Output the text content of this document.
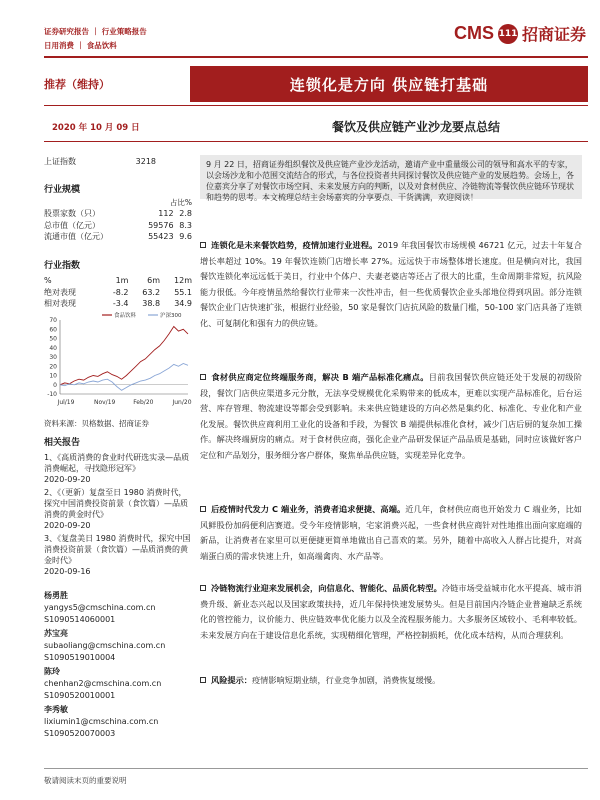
证券研究报告 ｜ 行业策略报告
日用消费 ｜ 食品饮料
CMS 111 招商证券
推荐（维持）	连锁化是方向 供应链打基础
2020 年 10 月 09 日	餐饮及供应链产业沙龙要点总结
上证指数	3218
行业规模
占比%
股票家数（只）	112	2.8
总市值（亿元）	59576	8.3
流通市值（亿元）	55423	9.6
行业指数
%	1m	6m	12m
绝对表现	-8.2	63.2	55.1
相对表现	-3.4	38.8	34.9
70
60
50
40
30
20
10
0
-10
Jul/19	Nov/19	Feb/20	Jun/20
食品饮料	沪深300
资料来源：贝格数据、招商证券
相关报告
1、《高质消费的食业时代研选实录—品质消费崛起，寻找隐形冠军》
2020-09-20
2、《（更新）复盘至日 1980 消费时代，探究中国消费投资前景（食饮篇）—品质消费的黄金时代》
2020-09-20
3、《复盘美日 1980 消费时代，探究中国消费投资前景（食饮篇）—品质消费的黄金时代》
2020-09-16
杨勇胜
yangys5@cmschina.com.cn
S1090514060001
苏宝亮
subaoliang@cmschina.com.cn
S1090519010004
陈玲
chenhan2@cmschina.com.cn
S1090520010001
李秀敏
lixiumin1@cmschina.com.cn
S1090520070003
9 月 22 日，招商证券组织餐饮及供应链产业沙龙活动，邀请产业中重量级公司的领导和高水平的专家，以会场沙龙和小范围交流结合的形式，与各位投资者共同探讨餐饮及供应链产业的发展趋势。会场上，各位嘉宾分享了对餐饮市场空间、未来发展方向的判断，以及对食材供应、冷链物流等餐饮供应链环节现状和趋势的思考。本文梳理总结主会场嘉宾的分享要点、干货满满，欢迎阅读！
连锁化是未来餐饮趋势，疫情加速行业进程。2019 年我国餐饮市场规模 46721 亿元，过去十年复合增长率超过 10%。19 年餐饮连锁门店增长率 27%。远远快于市场整体增长速度。但是横向对比，我国餐饮连锁化率远远低于美日，行业中个体户、夫妻老婆店等还占了很大的比重，生命周期非常短，抗风险能力很低。今年疫情虽然给餐饮行业带来一次性冲击，但一些优质餐饮企业头部地位得到巩固。部分连锁餐饮企业门店快速扩张，根据行业经验，50 家是餐饮门店抗风险的数量门槛，50-100 家门店具备了连锁化、可复制化和强有力的供应链。
食材供应商定位终端服务商，解决 B 端产品标准化痛点。目前我国餐饮供应链还处于发展的初级阶段，餐饮门店供应渠道多元分散，无法享受规模优化采购带来的低成本，更难以实现产品标准化，后台运营、库存管理、物流建设等都会受到影响。未来供应链建设的方向必然是集约化、标准化、专业化和产业化发展。餐饮供应商利用工业化的设备和手段，为餐饮 B 端提供标准化食材，减少门店后厨的复杂加工操作。解决终端厨房的痛点。对于食材供应商，强化企业产品研发保证产品品质是基础，同时应该做好客户定位和产品划分，服务细分客户群体，聚焦单品供应链，实现差异化竞争。
后疫情时代发力 C 端业务，消费者追求便捷、高端。近几年，食材供应商也开始发力 C 端业务，比如风鲜股份加码便利店赛道。受今年疫情影响，宅家消费兴起，一些食材供应商针对性地推出面向家庭端的新品，让消费者在家里可以更便捷更简单地做出自己喜欢的菜。另外，随着中高收入人群占比提升，对高端蛋白质的需求快速上升，如高端禽肉、水产品等。
冷链物流行业迎来发展机会，向信息化、智能化、品质化转型。冷链市场受益城市化水平提高、城市消费升级、新业态兴起以及国家政策扶持，近几年保持快速发展势头。但是目前国内冷链企业普遍缺乏系统化的管控能力，议价能力、供应链效率优化能力以及全流程服务能力。大多服务区域较小、毛利率较低。未来发展方向在于建设信息化系统，实现精细化管理，严格控制损耗，优化成本结构，从而合理获利。
风险提示：疫情影响短期业绩，行业竞争加剧，消费恢复缓慢。
敬请阅读末页的重要说明
